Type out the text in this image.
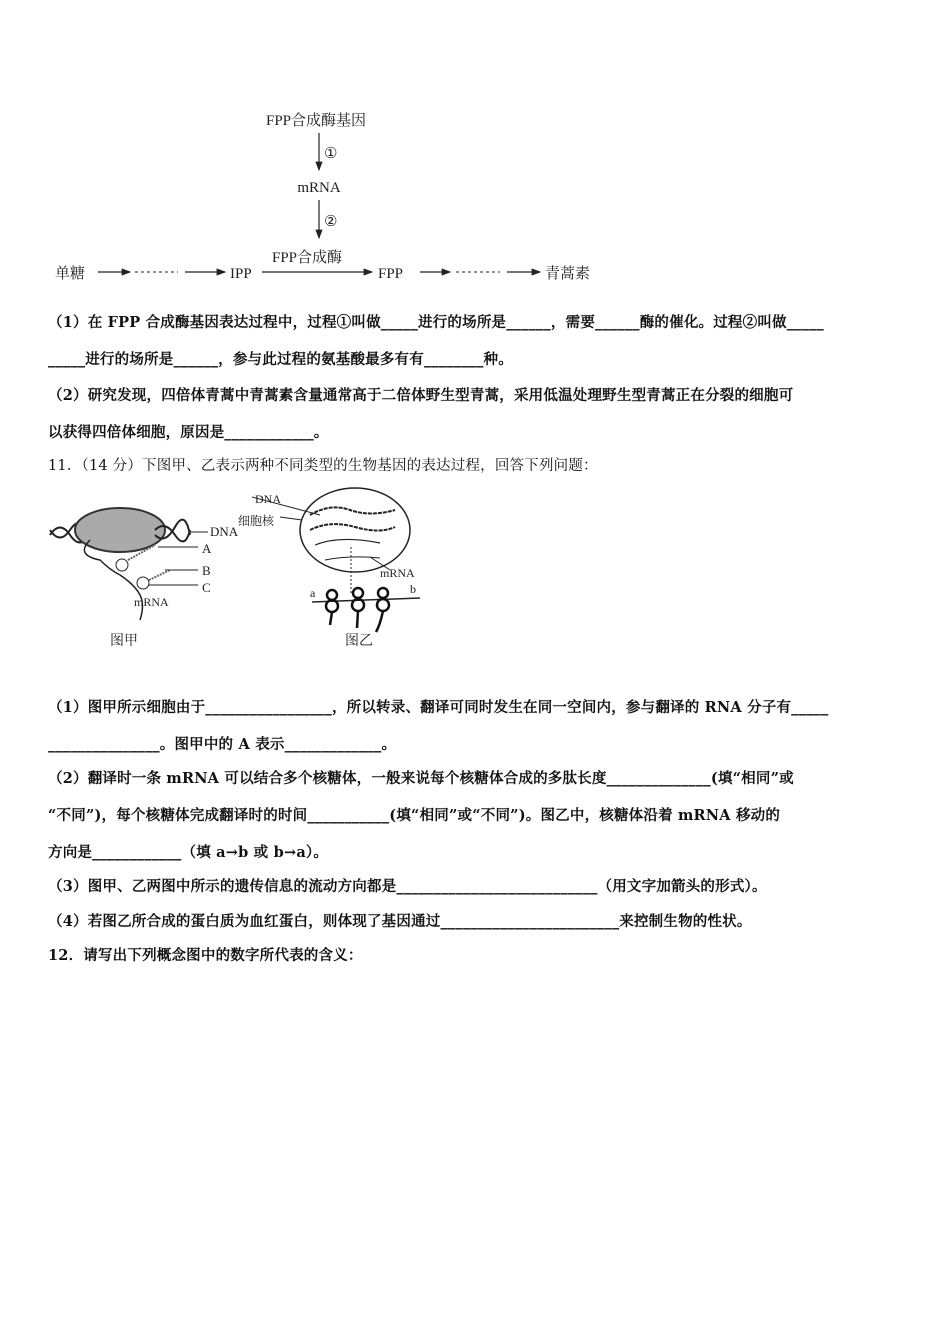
FPP合成酶基因
①
mRNA
②
FPP合成酶
单糖	IPP	FPP	青蒿素
（1）在 FPP 合成酶基因表达过程中，过程①叫做_____进行的场所是______，需要______酶的催化。过程②叫做_____
_____进行的场所是______，参与此过程的氨基酸最多有有________种。
（2）研究发现，四倍体青蒿中青蒿素含量通常高于二倍体野生型青蒿，采用低温处理野生型青蒿正在分裂的细胞可
以获得四倍体细胞，原因是____________。
11．（14 分）下图甲、乙表示两种不同类型的生物基因的表达过程，回答下列问题：
DNA
A
B
C
mRNA
图甲
DNA
细胞核
mRNA
a	b
图乙
（1）图甲所示细胞由于_________________，所以转录、翻译可同时发生在同一空间内，参与翻译的 RNA 分子有_____
_______________。图甲中的 A 表示_____________。
（2）翻译时一条 mRNA 可以结合多个核糖体，一般来说每个核糖体合成的多肽长度______________(填“相同”或
“不同”)，每个核糖体完成翻译时的时间___________(填“相同”或“不同”)。图乙中，核糖体沿着 mRNA 移动的
方向是____________（填 a→b 或 b→a）。
（3）图甲、乙两图中所示的遗传信息的流动方向都是___________________________（用文字加箭头的形式）。
（4）若图乙所合成的蛋白质为血红蛋白，则体现了基因通过________________________来控制生物的性状。
12．请写出下列概念图中的数字所代表的含义：
